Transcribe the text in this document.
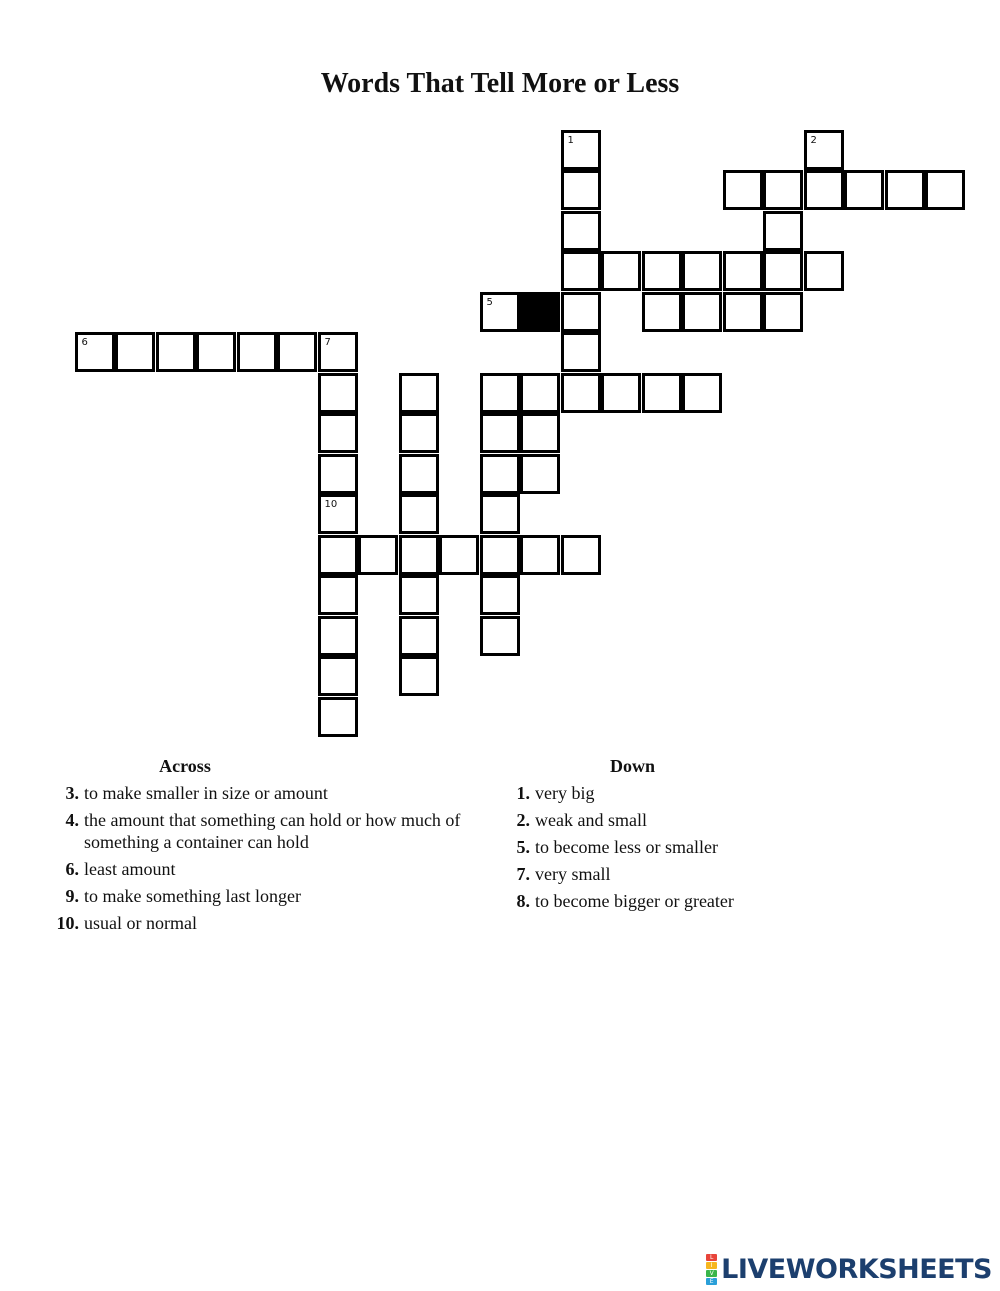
Words That Tell More or Less
6	7
10
1	2
5
Across
3. to make smaller in size or amount
4. the amount that something can hold or how much of something a container can hold
6. least amount
9. to make something last longer
10. usual or normal
Down
1. very big
2. weak and small
5. to become less or smaller
7. very small
8. to become bigger or greater
L
I
V
E LIVEWORKSHEETS
